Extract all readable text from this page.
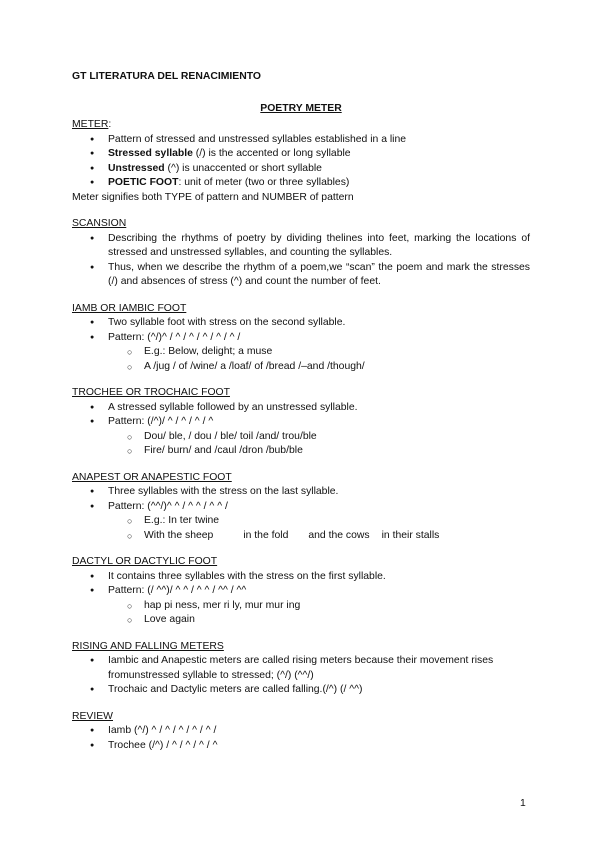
GT LITERATURA DEL RENACIMIENTO
POETRY METER
METER:
● Pattern of stressed and unstressed syllables established in a line
● Stressed syllable (/) is the accented or long syllable
● Unstressed (^) is unaccented or short syllable
● POETIC FOOT: unit of meter (two or three syllables)
Meter signifies both TYPE of pattern and NUMBER of pattern
SCANSION
● Describing the rhythms of poetry by dividing thelines into feet, marking the locations of stressed and unstressed syllables, and counting the syllables.
● Thus, when we describe the rhythm of a poem,we “scan” the poem and mark the stresses (/) and absences of stress (^) and count the number of feet.
IAMB OR IAMBIC FOOT
● Two syllable foot with stress on the second syllable.
● Pattern: (^/)^ / ^ / ^ / ^ / ^ / ^ /
○ E.g.: Below, delight; a muse
○ A /jug / of /wine/ a /loaf/ of /bread /–and /though/
TROCHEE OR TROCHAIC FOOT
● A stressed syllable followed by an unstressed syllable.
● Pattern: (/^)/ ^ / ^ / ^ / ^
○ Dou/ ble, / dou / ble/ toil /and/ trou/ble
○ Fire/ burn/ and /caul /dron /bub/ble
ANAPEST OR ANAPESTIC FOOT
● Three syllables with the stress on the last syllable.
● Pattern: (^^/)^ ^ / ^ ^ / ^ ^ /
○ E.g.: In ter twine
○ With the sheep	in the fold and the cows in their stalls
DACTYL OR DACTYLIC FOOT
● It contains three syllables with the stress on the first syllable.
● Pattern: (/ ^^)/ ^ ^ / ^ ^ / ^^ / ^^
○ hap pi ness, mer ri ly, mur mur ing
○ Love again
RISING AND FALLING METERS
● Iambic and Anapestic meters are called rising meters because their movement rises fromunstressed syllable to stressed; (^/) (^^/)
● Trochaic and Dactylic meters are called falling.(/^) (/ ^^)
REVIEW
● Iamb (^/) ^ / ^ / ^ / ^ / ^ /
● Trochee (/^) / ^ / ^ / ^ / ^
1
